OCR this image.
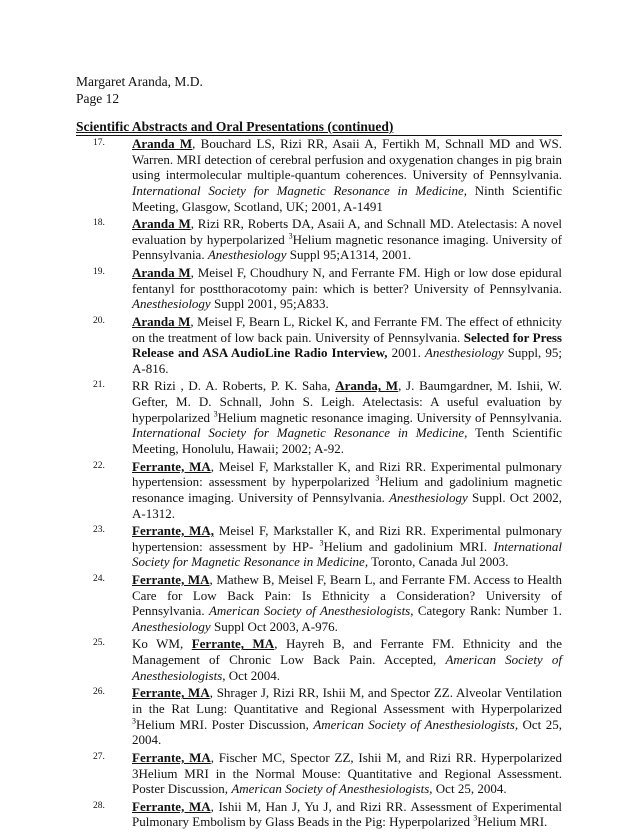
Margaret Aranda, M.D.
Page 12
Scientific Abstracts and Oral Presentations (continued)
17.	Aranda M, Bouchard LS, Rizi RR, Asaii A, Fertikh M, Schnall MD and WS. Warren. MRI detection of cerebral perfusion and oxygenation changes in pig brain using intermolecular multiple-quantum coherences. University of Pennsylvania. International Society for Magnetic Resonance in Medicine, Ninth Scientific Meeting, Glasgow, Scotland, UK; 2001, A-1491
18.	Aranda M, Rizi RR, Roberts DA, Asaii A, and Schnall MD. Atelectasis: A novel evaluation by hyperpolarized $^3$Helium magnetic resonance imaging. University of Pennsylvania. Anesthesiology Suppl 95;A1314, 2001.
19.	Aranda M, Meisel F, Choudhury N, and Ferrante FM. High or low dose epidural fentanyl for postthoracotomy pain: which is better? University of Pennsylvania. Anesthesiology Suppl 2001, 95;A833.
20.	Aranda M, Meisel F, Bearn L, Rickel K, and Ferrante FM. The effect of ethnicity on the treatment of low back pain. University of Pennsylvania. Selected for Press Release and ASA AudioLine Radio Interview, 2001. Anesthesiology Suppl, 95; A-816.
21.	RR Rizi , D. A. Roberts, P. K. Saha, Aranda, M, J. Baumgardner, M. Ishii, W. Gefter, M. D. Schnall, John S. Leigh. Atelectasis: A useful evaluation by hyperpolarized $^3$Helium magnetic resonance imaging. University of Pennsylvania. International Society for Magnetic Resonance in Medicine, Tenth Scientific Meeting, Honolulu, Hawaii; 2002; A-92.
22.	Ferrante, MA, Meisel F, Markstaller K, and Rizi RR. Experimental pulmonary hypertension: assessment by hyperpolarized $^3$Helium and gadolinium magnetic resonance imaging. University of Pennsylvania. Anesthesiology Suppl. Oct 2002, A-1312.
23.	Ferrante, MA, Meisel F, Markstaller K, and Rizi RR. Experimental pulmonary hypertension: assessment by HP- $^3$Helium and gadolinium MRI. International Society for Magnetic Resonance in Medicine, Toronto, Canada Jul 2003.
24.	Ferrante, MA, Mathew B, Meisel F, Bearn L, and Ferrante FM. Access to Health Care for Low Back Pain: Is Ethnicity a Consideration? University of Pennsylvania. American Society of Anesthesiologists, Category Rank: Number 1. Anesthesiology Suppl Oct 2003, A-976.
25.	Ko WM, Ferrante, MA, Hayreh B, and Ferrante FM. Ethnicity and the Management of Chronic Low Back Pain. Accepted, American Society of Anesthesiologists, Oct 2004.
26.	Ferrante, MA, Shrager J, Rizi RR, Ishii M, and Spector ZZ. Alveolar Ventilation in the Rat Lung: Quantitative and Regional Assessment with Hyperpolarized $^3$Helium MRI. Poster Discussion, American Society of Anesthesiologists, Oct 25, 2004.
27.	Ferrante, MA, Fischer MC, Spector ZZ, Ishii M, and Rizi RR. Hyperpolarized 3Helium MRI in the Normal Mouse: Quantitative and Regional Assessment. Poster Discussion, American Society of Anesthesiologists, Oct 25, 2004.
28.	Ferrante, MA, Ishii M, Han J, Yu J, and Rizi RR. Assessment of Experimental Pulmonary Embolism by Glass Beads in the Pig: Hyperpolarized $^3$Helium MRI.
